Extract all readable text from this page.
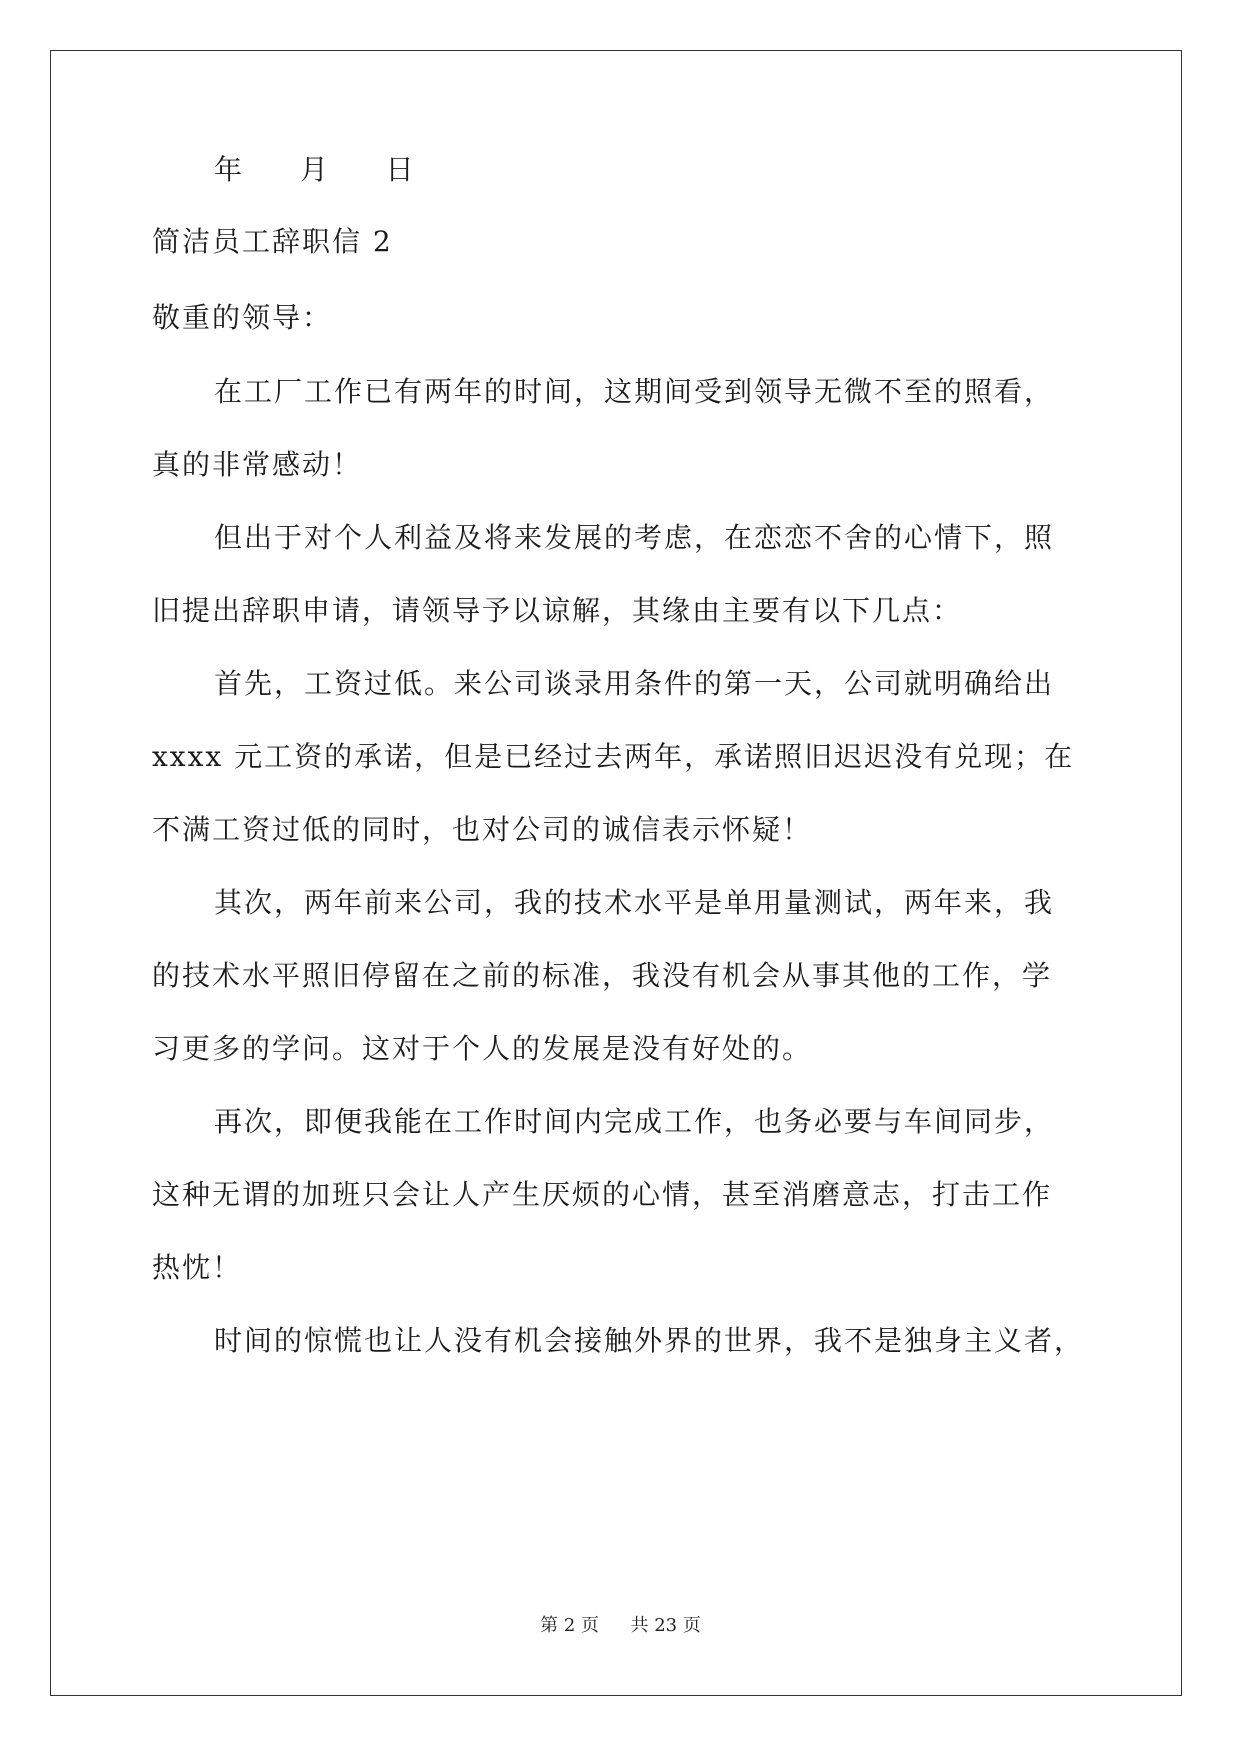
年 月 日
简洁员工辞职信 2
敬重的领导：
在工厂工作已有两年的时间，这期间受到领导无微不至的照看，
真的非常感动！
但出于对个人利益及将来发展的考虑，在恋恋不舍的心情下，照
旧提出辞职申请，请领导予以谅解，其缘由主要有以下几点：
首先，工资过低。来公司谈录用条件的第一天，公司就明确给出
xxxx 元工资的承诺，但是已经过去两年，承诺照旧迟迟没有兑现；在
不满工资过低的同时，也对公司的诚信表示怀疑！
其次，两年前来公司，我的技术水平是单用量测试，两年来，我
的技术水平照旧停留在之前的标准，我没有机会从事其他的工作，学
习更多的学问。这对于个人的发展是没有好处的。
再次，即便我能在工作时间内完成工作，也务必要与车间同步，
这种无谓的加班只会让人产生厌烦的心情，甚至消磨意志，打击工作
热忱！
时间的惊慌也让人没有机会接触外界的世界，我不是独身主义者，
第 2 页 共 23 页
